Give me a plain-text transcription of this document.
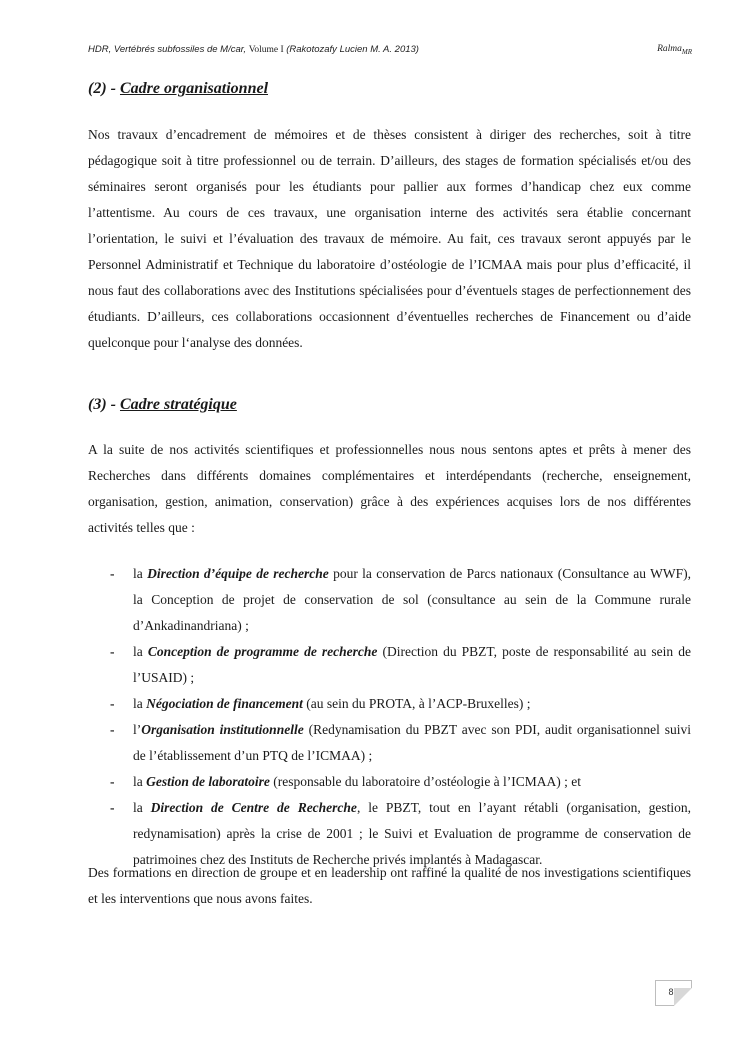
HDR, Vertébrés subfossiles de M/car, Volume I (Rakotozafy Lucien M. A. 2013)	Ralma$_{MR}$
(2) - Cadre organisationnel

Nos travaux d’encadrement de mémoires et de thèses consistent à diriger des recherches, soit à titre pédagogique soit à titre professionnel ou de terrain. D’ailleurs, des stages de formation spécialisés et/ou des séminaires seront organisés pour les étudiants pour pallier aux formes d’handicap chez eux comme l’attentisme. Au cours de ces travaux, une organisation interne des activités sera établie concernant l’orientation, le suivi et l’évaluation des travaux de mémoire. Au fait, ces travaux seront appuyés par le Personnel Administratif et Technique du laboratoire d’ostéologie de l’ICMAA mais pour plus d’efficacité, il nous faut des collaborations avec des Institutions spécialisées pour d’éventuels stages de perfectionnement des étudiants. D’ailleurs, ces collaborations occasionnent d’éventuelles recherches de Financement ou d’aide quelconque pour l‘analyse des données.

(3) - Cadre stratégique

A la suite de nos activités scientifiques et professionnelles nous nous sentons aptes et prêts à mener des Recherches dans différents domaines complémentaires et interdépendants (recherche, enseignement, organisation, gestion, animation, conservation) grâce à des expériences acquises lors de nos différentes activités telles que :

- la Direction d’équipe de recherche pour la conservation de Parcs nationaux (Consultance au WWF), la Conception de projet de conservation de sol (consultance au sein de la Commune rurale d’Ankadinandriana) ;
- la Conception de programme de recherche (Direction du PBZT, poste de responsabilité au sein de l’USAID) ;
- la Négociation de financement (au sein du PROTA, à l’ACP-Bruxelles) ;
- l’Organisation institutionnelle (Redynamisation du PBZT avec son PDI, audit organisationnel suivi de l’établissement d’un PTQ de l’ICMAA) ;
- la Gestion de laboratoire (responsable du laboratoire d’ostéologie à l’ICMAA) ; et
- la Direction de Centre de Recherche, le PBZT, tout en l’ayant rétabli (organisation, gestion, redynamisation) après la crise de 2001 ; le Suivi et Evaluation de programme de conservation de patrimoines chez des Instituts de Recherche privés implantés à Madagascar.

Des formations en direction de groupe et en leadership ont raffiné la qualité de nos investigations scientifiques et les interventions que nous avons faites.

81
